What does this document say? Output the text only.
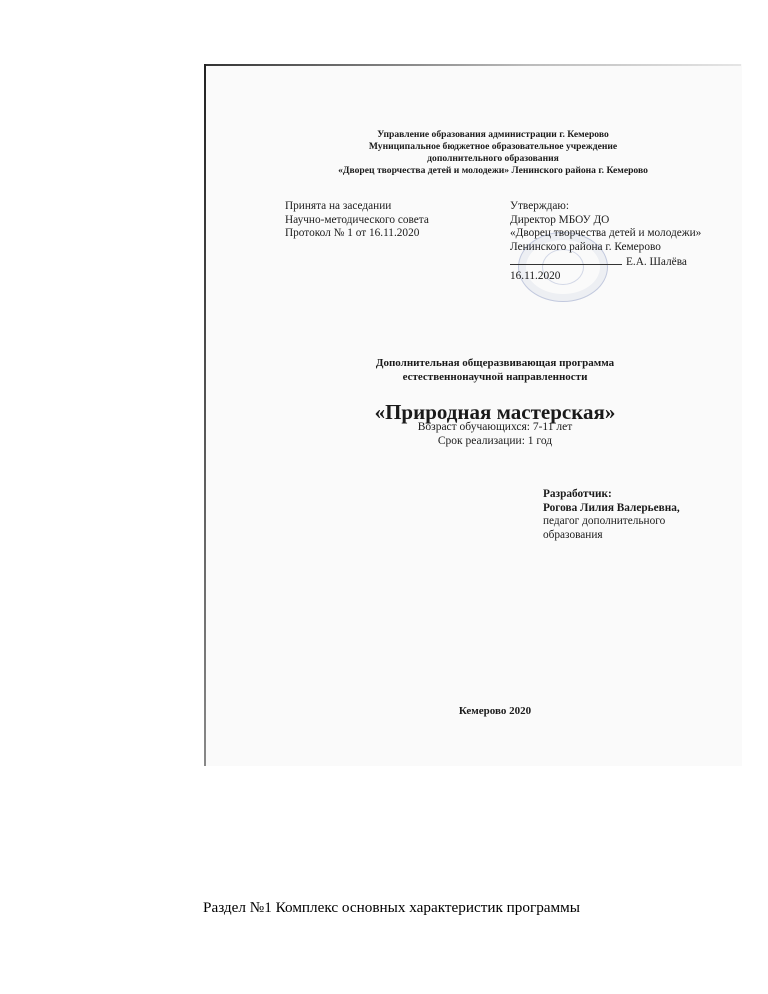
Управление образования администрации г. Кемерово
Муниципальное бюджетное образовательное учреждение
дополнительного образования
«Дворец творчества детей и молодежи» Ленинского района г. Кемерово
Принята на заседании
Научно-методического совета
Протокол № 1 от 16.11.2020
Утверждаю:
Директор МБОУ ДО
«Дворец творчества детей и молодежи»
Ленинского района г. Кемерово
Е.А. Шалёва
16.11.2020
Дополнительная общеразвивающая программа
естественнонаучной направленности
«Природная мастерская»
Возраст обучающихся: 7-11 лет
Срок реализации: 1 год
Разработчик:
Рогова Лилия Валерьевна,
педагог дополнительного
образования
Кемерово 2020
Раздел №1 Комплекс основных характеристик программы
